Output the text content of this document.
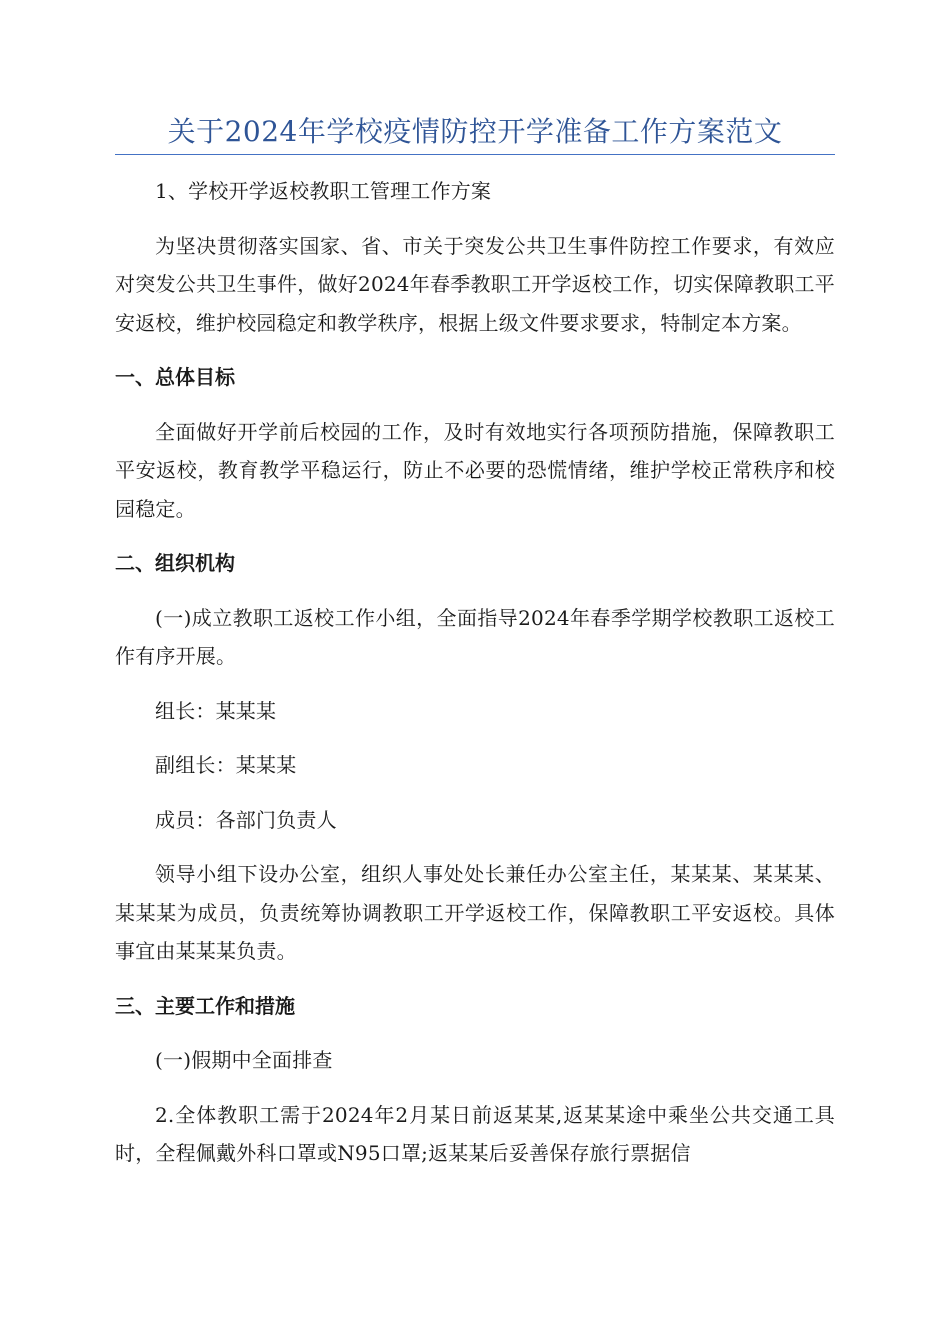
关于2024年学校疫情防控开学准备工作方案范文

1、学校开学返校教职工管理工作方案

为坚决贯彻落实国家、省、市关于突发公共卫生事件防控工作要求，有效应对突发公共卫生事件，做好2024年春季教职工开学返校工作，切实保障教职工平安返校，维护校园稳定和教学秩序，根据上级文件要求要求，特制定本方案。

一、总体目标

全面做好开学前后校园的工作，及时有效地实行各项预防措施，保障教职工平安返校，教育教学平稳运行，防止不必要的恐慌情绪，维护学校正常秩序和校园稳定。

二、组织机构

(一)成立教职工返校工作小组，全面指导2024年春季学期学校教职工返校工作有序开展。

组长：某某某

副组长：某某某

成员：各部门负责人

领导小组下设办公室，组织人事处处长兼任办公室主任，某某某、某某某、某某某为成员，负责统筹协调教职工开学返校工作，保障教职工平安返校。具体事宜由某某某负责。

三、主要工作和措施

(一)假期中全面排查

2.全体教职工需于2024年2月某日前返某某,返某某途中乘坐公共交通工具时，全程佩戴外科口罩或N95口罩;返某某后妥善保存旅行票据信
